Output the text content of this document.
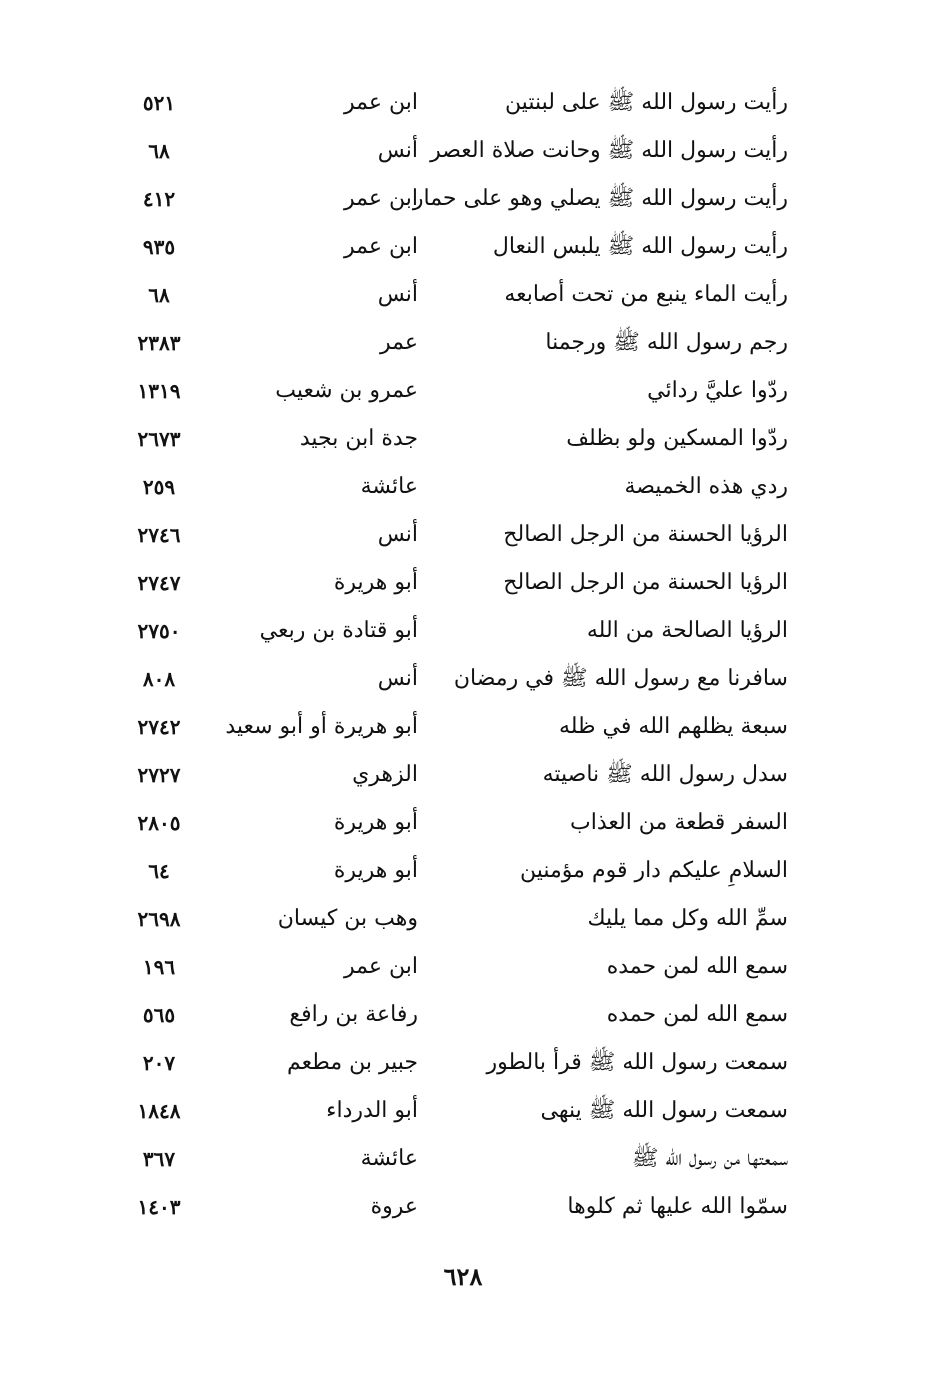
رأيت رسول الله ﷺ على لبنتين
ابن عمر
٥٢١
رأيت رسول الله ﷺ وحانت صلاة العصر
أنس
٦٨
رأيت رسول الله ﷺ يصلي وهو على حمار
ابن عمر
٤١٢
رأيت رسول الله ﷺ يلبس النعال
ابن عمر
٩٣٥
رأيت الماء ينبع من تحت أصابعه
أنس
٦٨
رجم رسول الله ﷺ ورجمنا
عمر
٢٣٨٣
ردّوا عليَّ ردائي
عمرو بن شعيب
١٣١٩
ردّوا المسكين ولو بظلف
جدة ابن بجيد
٢٦٧٣
ردي هذه الخميصة
عائشة
٢٥٩
الرؤيا الحسنة من الرجل الصالح
أنس
٢٧٤٦
الرؤيا الحسنة من الرجل الصالح
أبو هريرة
٢٧٤٧
الرؤيا الصالحة من الله
أبو قتادة بن ربعي
٢٧٥٠
سافرنا مع رسول الله ﷺ في رمضان
أنس
٨٠٨
سبعة يظلهم الله في ظله
أبو هريرة أو أبو سعيد
٢٧٤٢
سدل رسول الله ﷺ ناصيته
الزهري
٢٧٢٧
السفر قطعة من العذاب
أبو هريرة
٢٨٠٥
السلامِ عليكم دار قوم مؤمنين
أبو هريرة
٦٤
سمِّ الله وكل مما يليك
وهب بن كيسان
٢٦٩٨
سمع الله لمن حمده
ابن عمر
١٩٦
سمع الله لمن حمده
رفاعة بن رافع
٥٦٥
سمعت رسول الله ﷺ قرأ بالطور
جبير بن مطعم
٢٠٧
سمعت رسول الله ﷺ ينهى
أبو الدرداء
١٨٤٨
سمعتها من رسول الله ﷺ
عائشة
٣٦٧
سمّوا الله عليها ثم كلوها
عروة
١٤٠٣
٦٢٨
